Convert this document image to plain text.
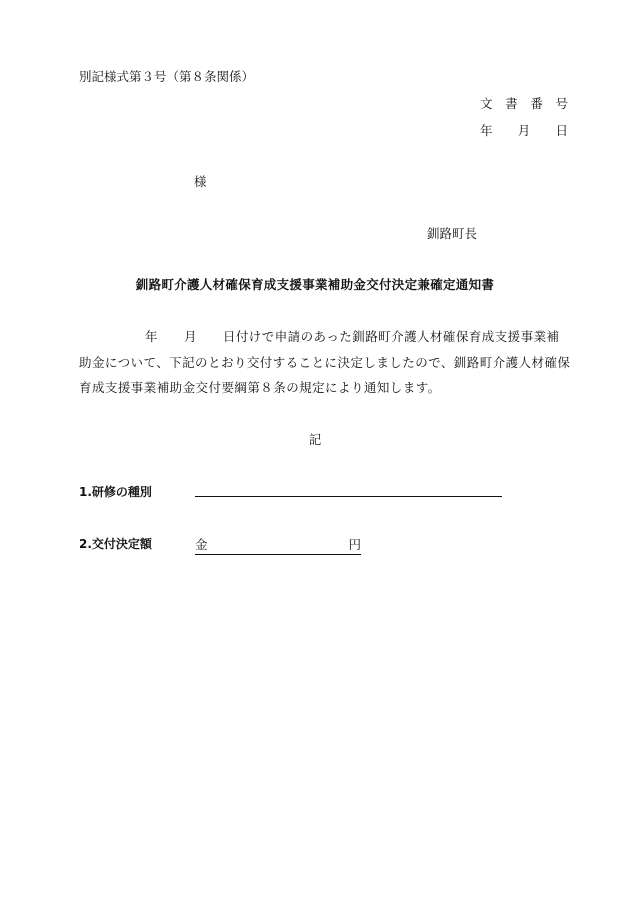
別記様式第３号（第８条関係）
文 書 番 号
年 月 日
様
釧路町長
釧路町介護人材確保育成支援事業補助金交付決定兼確定通知書
年 月 日付けで申請のあった釧路町介護人材確保育成支援事業補助金について、下記のとおり交付することに決定しましたので、釧路町介護人材確保育成支援事業補助金交付要綱第８条の規定により通知します。
記
1.研修の種別
2.交付決定額	金	円
